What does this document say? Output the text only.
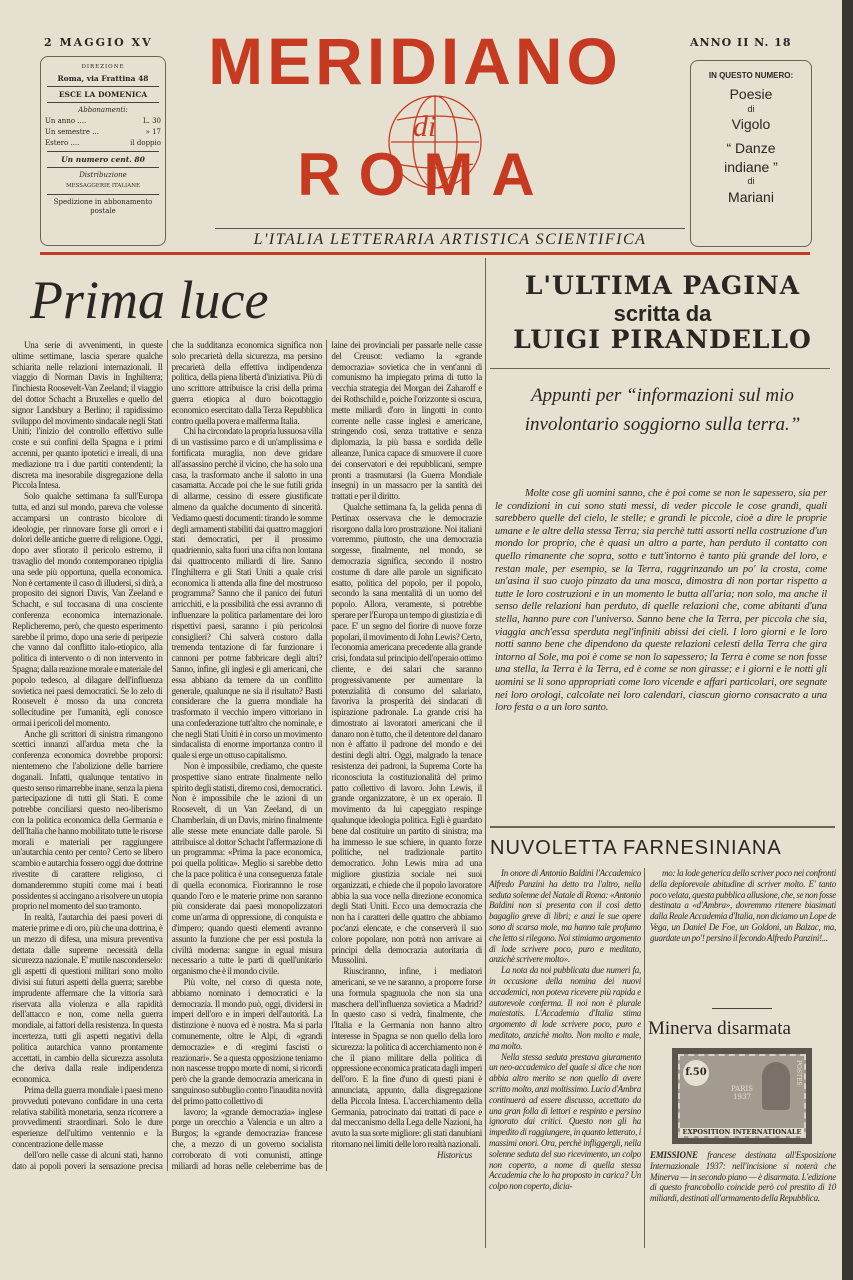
2 MAGGIO XV	ANNO II N. 18
DIREZIONE
Roma, via Frattina 48
ESCE LA DOMENICA
Abbonamenti:
Un anno ....	L. 30
Un semestre ...	» 17
Estero ....	il doppio
Un numero cent. 80
Distribuzione
MESSAGGERIE ITALIANE
Spedizione in abbonamento postale
MERIDIANO
di
ROMA
L'ITALIA LETTERARIA ARTISTICA SCIENTIFICA
IN QUESTO NUMERO:
Poesie
di
Vigolo
“ Danze indiane ”
di
Mariani
Prima luce

Una serie di avvenimenti, in queste ultime settimane, lascia sperare qualche schiarita nelle relazioni internazionali. Il viaggio di Norman Davis in Inghilterra; l'inchiesta Roosevelt-Van Zeeland; il viaggio del dottor Schacht a Bruxelles e quello del signor Landsbury a Berlino; il rapidissimo sviluppo del movimento sindacale negli Stati Uniti; l'inizio del controllo effettivo sulle coste e sui confini della Spagna e i primi accenni, per quanto ipotetici e irreali, di una mediazione tra i due partiti contendenti; la discreta ma inesorabile disgregazione della Piccola Intesa.

Solo qualche settimana fa sull'Europa tutta, ed anzi sul mondo, pareva che volesse accamparsi un contrasto bicolore di ideologie, per rinnovare forse gli orrori e i dolori delle antiche guerre di religione. Oggi, dopo aver sfiorato il pericolo estremo, il travaglio del mondo contemporaneo ripiglia una sede più opportuna, quella economica. Non è certamente il caso di illudersi, si dirà, a proposito dei signori Davis, Van Zeeland e Schacht, e sul toccasana di una cosciente conferenza economica internazionale. Replicheremo, però, che questo esperimento sarebbe il primo, dopo una serie di peripezie che vanno dal conflitto italo-etiopico, alla politica di intervento o di non intervento in Spagna; dalla reazione morale e materiale del popolo tedesco, al dilagare dell'influenza sovietica nei paesi democratici. Se lo zelo di Roosevelt è mosso da una concreta sollecitudine per l'umanità, egli conosce ormai i pericoli del momento.

Anche gli scrittori di sinistra rimangono scettici innanzi all'ardua meta che la conferenza economica dovrebbe proporsi: nientemeno che l'abolizione delle barriere doganali. Infatti, qualunque tentativo in questo senso rimarrebbe inane, senza la piena partecipazione di tutti gli Stati. E come potrebbe conciliarsi questo neo-liberismo con la politica economica della Germania e dell'Italia che hanno mobilitato tutte le risorse morali e materiali per raggiungere un'autarchia cento per cento? Certo se libero scambio e autarchia fossero oggi due dottrine rivestite di carattere religioso, ci domanderemmo stupiti come mai i beati possidentes si accingano a risolvere un utopia proprio nel momento del suo tramonto.

In realtà, l'autarchia dei paesi poveri di materie prime e di oro, più che una dottrina, è un mezzo di difesa, una misura preventiva dettata dalle supreme necessità della sicurezza nazionale. E' mutile nasconderselo: gli aspetti di questioni militari sono molto divisi sui futuri aspetti della guerra; sarebbe imprudente affermare che la vittoria sarà riservata alla violenza e alla rapidità dell'attacco e non, come nella guerra mondiale, ai fattori della resistenza. In questa incertezza, tutti gli aspetti negativi della politica autarchica vanno prontamente accettati, in cambio della sicurezza assoluta che deriva dalla reale indipendenza economica.

Prima della guerra mondiale i paesi meno provveduti potevano confidare in una certa relativa stabilità monetaria, senza ricorrere a provvedimenti straordinari. Solo le dure esperienze dell'ultimo ventennio e la concentrazione delle masse

dell'oro nelle casse di alcuni stati, hanno dato ai popoli poveri la sensazione precisa che la sudditanza economica significa non solo precarietà della sicurezza, ma persino precarietà della effettiva indipendenza politica, della piena libertà d'iniziativa. Più di uno scrittore attribuisce la crisi della prima guerra etiopica al duro boicottaggio economico esercitato dalla Terza Repubblica contro quella povera e malferma Italia.

Chi ha circondato la propria lussuosa villa di un vastissimo parco e di un'amplissima e fortificata muraglia, non deve gridare all'assassino perchè il vicino, che ha solo una casa, la trasformato anche il salotto in una casamatta. Accade poi che le sue futili grida di allarme, cessino di essere giustificate almeno da qualche documento di sincerità. Vediamo questi documenti: tirando le somme degli armamenti stabiliti dai quattro maggiori stati democratici, per il prossimo quadriennio, salta fuori una cifra non lontana dai quattrocento miliardi di lire. Sanno l'Inghilterra e gli Stati Uniti a quale crisi economica li attenda alla fine del mostruoso programma? Sanno che il panico dei futuri arricchiti, e la possibilità che essi avranno di influenzare la politica parlamentare dei loro rispettivi paesi, saranno i più pericolosi consiglieri? Chi salverà costoro dalla tremenda tentazione di far funzionare i cannoni per potrne fabbricare degli altri? Sanno, infine, gli inglesi e gli americani, che essa abbiano da temere da un conflitto generale, qualunque ne sia il risultato? Basti considerare che la guerra mondiale ha trasformato il vecchio impero vittoriano in una confederazione tutt'altro che nominale, e che negli Stati Uniti è in corso un movimento sindacalista di enorme importanza contro il quale si erge un ottuso capitalismo.

Non è impossibile, crediamo, che queste prospettive siano entrate finalmente nello spirito degli statisti, diremo così, democratici. Non è impossibile che le azioni di un Roosevelt, di un Van Zeeland, di un Chamberlain, di un Davis, mirino finalmente alle stesse mete enunciate dalle parole. Si attribuisce al dottor Schacht l'affermazione di un programma: «Prima la pace economica, poi quella politica». Meglio si sarebbe detto che la pace politica è una conseguenza fatale di quella economica. Fiorirannno le rose quando l'oro e le materie prime non saranno più considerate dai paesi monopolizzatori come un'arma di oppressione, di conquista e d'impero; quando questi elementi avranno assunto la funzione che per essi postula la civiltà moderna: sangue in egual misura necessario a tutte le parti di quell'unitario organismo che è il mondo civile.

Più volte, nel corso di questa note, abbiamo nominato i democratici e la democrazia. Il mondo può, oggi, dividersi in imperi dell'oro e in imperi dell'autorità. La distinzione è nuova ed è nostra. Ma si parla comunemente, oltre le Alpi, di «grandi democrazie» e di «regimi fascisti o reazionari». Se a questa opposizione teniamo non nascesse troppo morte di nomi, si ricordi però che la grande democrazia americana in sanguinoso subbuglio contro l'inaudita novità del primo patto collettivo di

lavoro; la «grande democrazia» inglese porge un orecchio a Valencia e un altro a Burgos; la «grande democrazia» francese che, a mezzo di un governo socialista corroborato di voti comunisti, attinge miliardi ad horas nelle celeberrime bas de laine dei provinciali per passarle nelle casse del Creusot: vediamo la «grande democrazia» sovietica che in vent'anni di comunismo ha impiegato prima di tutto la vecchia strategia dei Morgan dei Zaharoff e dei Rothschild e, poiche l'orizzonte si oscura, mette miliardi d'oro in lingotti in conto corrente nelle casse inglesi e americane, stringendo così, senza trattative e senza diplomazia, la più bassa e sordida delle alleanze, l'unica capace di smuovere il cuore dei conservatori e dei repubblicani, sempre pronti a trasmutarsi (la Guerra Mondiale insegni) in un massacro per la santità dei trattati e per il diritto.

Qualche settimana fa, la gelida penna di Pertinax osservava che le democrazie risorgono dalla loro prostrazione. Noi italiani vorremmo, piuttosto, che una democrazia sorgesse, finalmente, nel mondo, se democrazia significa, secondo il nostro costume di dare alle parole un significato esatto, politica del popolo, per il popolo, secondo la sana mentalità di un uomo del popolo. Allora, veramente, si potrebbe sperare per l'Europa un tempo di giustizia e di pace. E' un segno del fiorire di nuove forze popolari, il movimento di John Lewis? Certo, l'economia americana precedente alla grande crisi, fondata sul principio dell'operaio ottimo cliente, e dei salari che saranno progressivamente per aumentare la potenzialità di consumo del salariato, favoriva la prosperità dei sindacati di ispirazione padronale. La grande crisi ha dimostrato ai lavoratori americani che il danaro non è tutto, che il detentore del danaro non è affatto il padrone del mondo e dei destini degli altri. Oggi, malgrado la tenace resistenza dei padroni, la Suprema Corte ha riconosciuta la costituzionalità del primo patto collettivo di lavoro. John Lewis, il grande organizzatore, è un ex operaio. Il movimento da lui capeggiato respinge qualunque ideologia politica. Egli è guardato bene dal costituire un partito di sinistra; ma ha immesso le sue schiere, in quanto forze politiche, nel tradizionale partito democratico. John Lewis mira ad una migliore giustizia sociale nei suoi organizzati, e chiede che il popolo lavoratore abbia la sua voce nella direzione economica degli Stati Uniti. Ecco una democrazia che non ha i caratteri delle quattro che abbiamo poc'anzi elencate, e che conserverà il suo colore popolare, non potrà non arrivare ai principi della democrazia autoritaria di Mussolini.

Riusciranno, infine, i mediatori americani, se ve ne saranno, a proporre forse una formula spagnuola che non sia una maschera dell'influenza sovietica a Madrid? In questo caso si vedrà, finalmente, che l'Italia e la Germania non hanno altro interesse in Spagna se non quello della loro sicurezza: la politica di accerchiamento non è che il piano militare della politica di oppressione economica praticata dagli imperi dell'oro. E la fine d'uno di questi piani è annunciata, appunto, dalla disgregazione della Piccola Intesa. L'accerchiamento della Germania, patrocinato dai trattati di pace e dal meccanismo della Lega delle Nazioni, ha avuto la sua sorte migliore: gli stati danubiani ritornano nei limiti delle loro realtà nazionali.

Historicus

L'ULTIMA PAGINA
scritta da
LUIGI PIRANDELLO
Appunti per “informazioni sul mio involontario soggiorno sulla terra.”
Molte cose gli uomini sanno, che è poi come se non le sapessero, sia per le condizioni in cui sono stati messi, di veder piccole le cose grandi, quali sarebbero quelle del cielo, le stelle; e grandi le piccole, cioè a dire le proprie umane e le altre della stessa Terra; sia perchè tutti assorti nella costruzione d'un mondo lor proprio, che è quasi un altro a parte, han perduto il contatto con quello rimanente che sopra, sotto e tutt'intorno è tanto più grande del loro, e restan male, per esempio, se la Terra, raggrinzando un po' la crosta, come un'asina il suo cuojo pinzato da una mosca, dimostra di non portar rispetto a tutte le loro costruzioni e in un momento le butta all'aria; non solo, ma anche il senso delle relazioni han perduto, di quelle relazioni che, come abitanti d'una stella, hanno pure con l'universo. Sanno bene che la Terra, per piccola che sia, viaggia anch'essa sperduta negl'infiniti abissi dei cieli. I loro giorni e le loro notti sanno bene che dipendono da queste relazioni celesti della Terra che gira intorno al Sole, ma poi è come se non lo sapessero; la Terra è come se non fosse una stella, la Terra è la Terra, ed è come se non girasse; e i giorni e le notti gli uomini se li sono appropriati come loro vicende e affari particolari, ore segnate nei loro orologi, calcolate nei loro calendari, ciascun giorno consacrato a una loro festa o a un loro santo.
NUVOLETTA FARNESINIANA

In onore di Antonio Baldini l'Accademico Alfredo Panzini ha detto tra l'altro, nella seduta solenne del Natale di Roma: «Antonio Baldini non si presenta con il così detto bagaglio greve di libri; e anzi le sue opere sono di scarsa mole, ma hanno tale profumo che letto si rilegono. Noi stimiamo argomento di lode scrivere poco, puro e meditato, anzichè scrivere molto».

La nota da noi pubblicata due numeri fa, in occasione della nomina dei nuovi accademici, non poteva ricevere più rapida e autorevole conferma. Il noi non è plurale maiestatis. L'Accademia d'Italia stima argomento di lode scrivere poco, puro e meditato, anzichè molto. Non molto e male, ma molto.

Nella stessa seduta prestava giuramento un neo-accademico del quale si dice che non abbia altro merito se non quello di avere scritto molto, anzi moltissimo. Lucio d'Ambra continuerà ad essere discusso, accettato da una gran folla di lettori e respinto e persino ignorato dai critici. Questo non gli ha impedito di raggiungere, in quanto letterato, i massimi onori. Ora, perchè infliggergli, nella solenne seduta del suo ricevimento, un colpo non coperto, a nome di quella stessa Accademia che lo ha proposto in carica? Un colpo non coperto, dicia-

mo: la lode generica dello scriver poco nei confronti della deplorevole abitudine di scriver molto. E' tanto poco velata, questa pubblica allusione, che, se non fosse destinata a «d'Ambra», dovremmo ritenere biasimati dalla Reale Accademia d'Italia, non diciamo un Lope de Vega, un Daniel De Foe, un Goldoni, un Balzac, ma, guardate un po'! persino il fecondo Alfredo Panzini!...

Minerva disarmata
f.50
PARIS 1937
POSTES
EXPOSITION INTERNATIONALE
EMISSIONE francese destinata all'Esposizione Internazionale 1937: nell'incisione si noterà che Minerva — in secondo piano — è disarmata. L'edizione di questo francobollo coincide però col prestito di 10 miliardi, destinati all'armamento della Repubblica.
